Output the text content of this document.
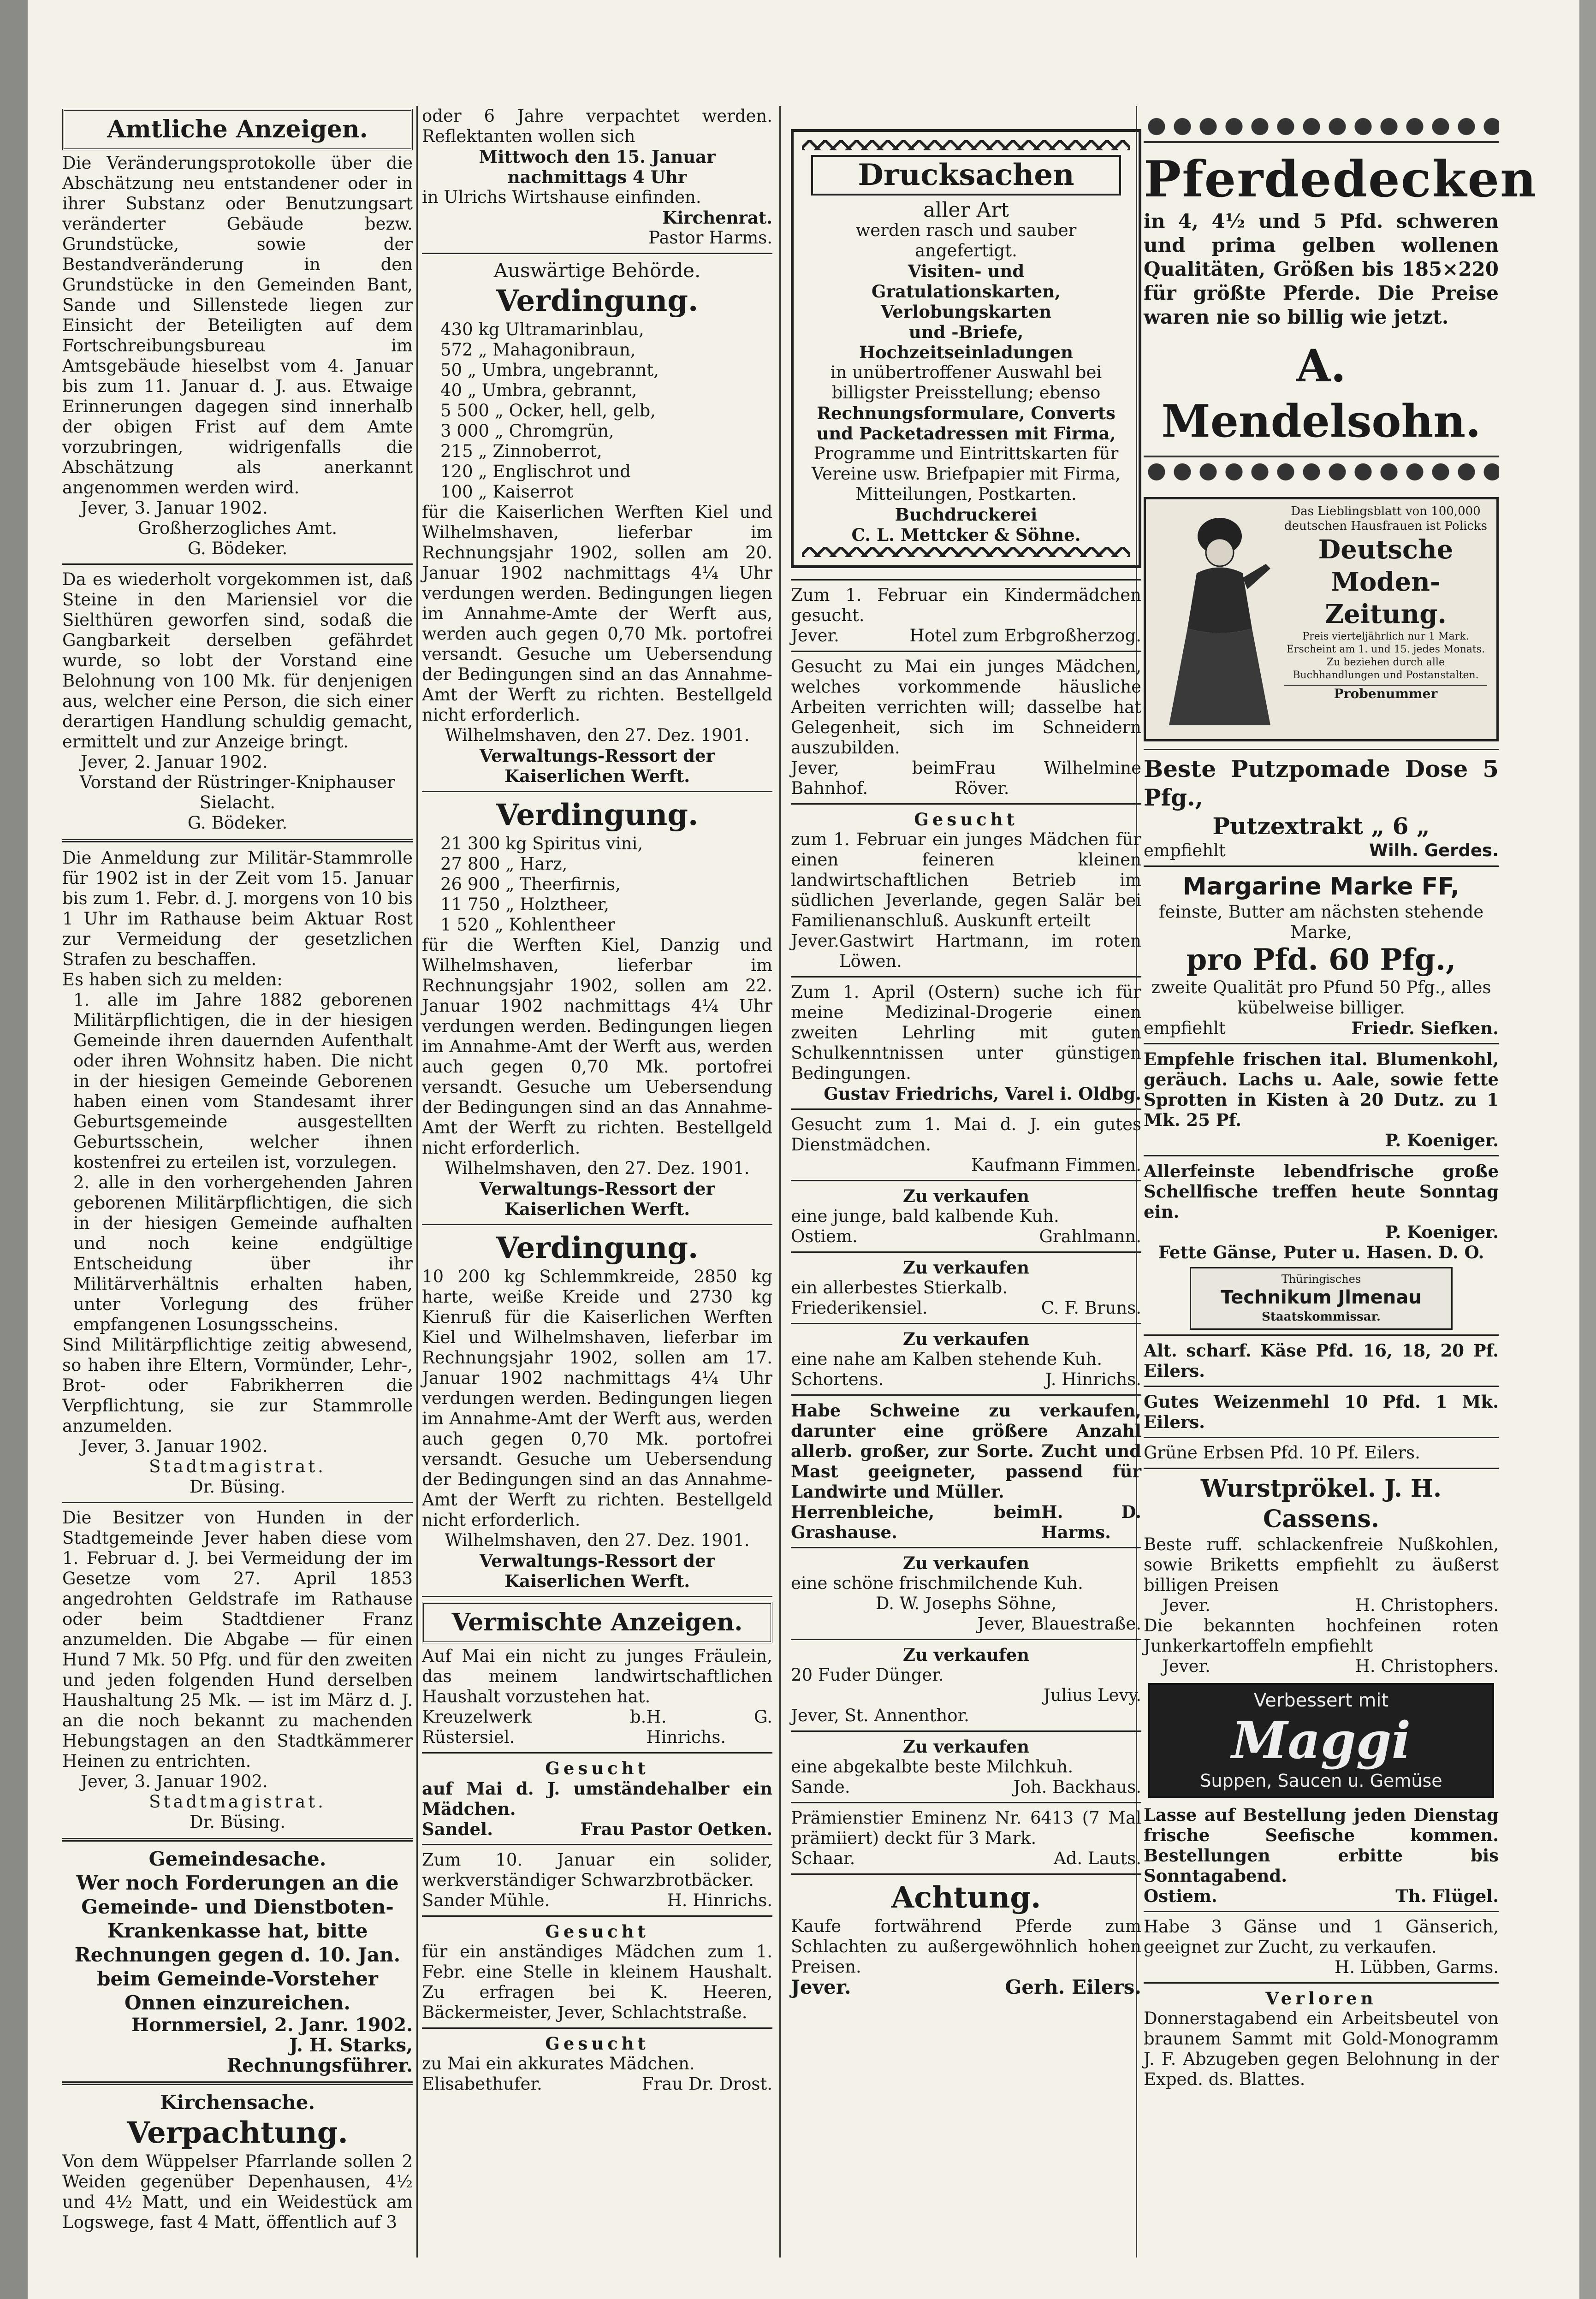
Amtliche Anzeigen.

Die Veränderungsprotokolle über die Abschätzung neu entstandener oder in ihrer Substanz oder Benutzungsart veränderter Gebäude bezw. Grundstücke, sowie der Bestandveränderung in den Grundstücke in den Gemeinden Bant, Sande und Sillenstede liegen zur Einsicht der Beteiligten auf dem Fortschreibungsbureau im Amtsgebäude hieselbst vom 4. Januar bis zum 11. Januar d. J. aus. Etwaige Erinnerungen dagegen sind innerhalb der obigen Frist auf dem Amte vorzubringen, widrigenfalls die Abschätzung als anerkannt angenommen werden wird.

Jever, 3. Januar 1902.

Großherzogliches Amt.

G. Bödeker.

Da es wiederholt vorgekommen ist, daß Steine in den Mariensiel vor die Sielthüren geworfen sind, sodaß die Gangbarkeit derselben gefährdet wurde, so lobt der Vorstand eine Belohnung von 100 Mk. für denjenigen aus, welcher eine Person, die sich einer derartigen Handlung schuldig gemacht, ermittelt und zur Anzeige bringt.

Jever, 2. Januar 1902.

Vorstand der Rüstringer-Kniphauser Sielacht.

G. Bödeker.

Die Anmeldung zur Militär-Stammrolle für 1902 ist in der Zeit vom 15. Januar bis zum 1. Febr. d. J. morgens von 10 bis 1 Uhr im Rathause beim Aktuar Rost zur Vermeidung der gesetzlichen Strafen zu beschaffen.

Es haben sich zu melden:

1. alle im Jahre 1882 geborenen Militärpflichtigen, die in der hiesigen Gemeinde ihren dauernden Aufenthalt oder ihren Wohnsitz haben. Die nicht in der hiesigen Gemeinde Geborenen haben einen vom Standesamt ihrer Geburtsgemeinde ausgestellten Geburtsschein, welcher ihnen kostenfrei zu erteilen ist, vorzulegen.

2. alle in den vorhergehenden Jahren geborenen Militärpflichtigen, die sich in der hiesigen Gemeinde aufhalten und noch keine endgültige Entscheidung über ihr Militärverhältnis erhalten haben, unter Vorlegung des früher empfangenen Losungsscheins.

Sind Militärpflichtige zeitig abwesend, so haben ihre Eltern, Vormünder, Lehr-, Brot- oder Fabrikherren die Verpflichtung, sie zur Stammrolle anzumelden.

Jever, 3. Januar 1902.

Stadtmagistrat.

Dr. Büsing.

Die Besitzer von Hunden in der Stadtgemeinde Jever haben diese vom 1. Februar d. J. bei Vermeidung der im Gesetze vom 27. April 1853 angedrohten Geldstrafe im Rathause oder beim Stadtdiener Franz anzumelden. Die Abgabe — für einen Hund 7 Mk. 50 Pfg. und für den zweiten und jeden folgenden Hund derselben Haushaltung 25 Mk. — ist im März d. J. an die noch bekannt zu machenden Hebungstagen an den Stadtkämmerer Heinen zu entrichten.

Jever, 3. Januar 1902.

Stadtmagistrat.

Dr. Büsing.

Gemeindesache.

Wer noch Forderungen an die Gemeinde- und Dienstboten-Krankenkasse hat, bitte Rechnungen gegen d. 10. Jan. beim Gemeinde-Vorsteher Onnen einzureichen.

Hornmersiel, 2. Janr. 1902.

J. H. Starks,

Rechnungsführer.

Kirchensache.
Verpachtung.

Von dem Wüppelser Pfarrlande sollen 2 Weiden gegenüber Depenhausen, 4½ und 4½ Matt, und ein Weidestück am Logswege, fast 4 Matt, öffentlich auf 3

oder 6 Jahre verpachtet werden. Reflektanten wollen sich

Mittwoch den 15. Januar nachmittags 4 Uhr

in Ulrichs Wirtshause einfinden.

Kirchenrat.

Pastor Harms.

Auswärtige Behörde.
Verdingung.

430 kg Ultramarinblau,

572 „ Mahagonibraun,

50 „ Umbra, ungebrannt,

40 „ Umbra, gebrannt,

5 500 „ Ocker, hell, gelb,

3 000 „ Chromgrün,

215 „ Zinnoberrot,

120 „ Englischrot und

100 „ Kaiserrot

für die Kaiserlichen Werften Kiel und Wilhelmshaven, lieferbar im Rechnungsjahr 1902, sollen am 20. Januar 1902 nachmittags 4¼ Uhr verdungen werden. Bedingungen liegen im Annahme-Amte der Werft aus, werden auch gegen 0,70 Mk. portofrei versandt. Gesuche um Uebersendung der Bedingungen sind an das Annahme-Amt der Werft zu richten. Bestellgeld nicht erforderlich.

Wilhelmshaven, den 27. Dez. 1901.

Verwaltungs-Ressort der Kaiserlichen Werft.

Verdingung.

21 300 kg Spiritus vini,

27 800 „ Harz,

26 900 „ Theerfirnis,

11 750 „ Holztheer,

1 520 „ Kohlentheer

für die Werften Kiel, Danzig und Wilhelmshaven, lieferbar im Rechnungsjahr 1902, sollen am 22. Januar 1902 nachmittags 4¼ Uhr verdungen werden. Bedingungen liegen im Annahme-Amt der Werft aus, werden auch gegen 0,70 Mk. portofrei versandt. Gesuche um Uebersendung der Bedingungen sind an das Annahme-Amt der Werft zu richten. Bestellgeld nicht erforderlich.

Wilhelmshaven, den 27. Dez. 1901.

Verwaltungs-Ressort der Kaiserlichen Werft.

Verdingung.

10 200 kg Schlemmkreide, 2850 kg harte, weiße Kreide und 2730 kg Kienruß für die Kaiserlichen Werften Kiel und Wilhelmshaven, lieferbar im Rechnungsjahr 1902, sollen am 17. Januar 1902 nachmittags 4¼ Uhr verdungen werden. Bedingungen liegen im Annahme-Amt der Werft aus, werden auch gegen 0,70 Mk. portofrei versandt. Gesuche um Uebersendung der Bedingungen sind an das Annahme-Amt der Werft zu richten. Bestellgeld nicht erforderlich.

Wilhelmshaven, den 27. Dez. 1901.

Verwaltungs-Ressort der Kaiserlichen Werft.

Vermischte Anzeigen.

Auf Mai ein nicht zu junges Fräulein, das meinem landwirtschaftlichen Haushalt vorzustehen hat.

Kreuzelwerk b. Rüstersiel.

H. G. Hinrichs.

Gesucht

auf Mai d. J. umständehalber ein Mädchen.

Sandel.	Frau Pastor Oetken.

Zum 10. Januar ein solider, werkverständiger Schwarzbrotbäcker.

Sander Mühle.	H. Hinrichs.

Gesucht

für ein anständiges Mädchen zum 1. Febr. eine Stelle in kleinem Haushalt. Zu erfragen bei K. Heeren, Bäckermeister, Jever, Schlachtstraße.

Gesucht

zu Mai ein akkurates Mädchen.

Elisabethufer.	Frau Dr. Drost.

Drucksachen

aller Art

werden rasch und sauber

angefertigt.

Visiten- und

Gratulationskarten,

Verlobungskarten

und -Briefe,

Hochzeitseinladungen

in unübertroffener Auswahl bei billigster Preisstellung; ebenso

Rechnungsformulare, Converts und Packetadressen mit Firma,

Programme und Eintrittskarten für Vereine usw. Briefpapier mit Firma, Mitteilungen, Postkarten.

Buchdruckerei

C. L. Mettcker & Söhne.

Zum 1. Februar ein Kindermädchen gesucht.

Jever.	Hotel zum Erbgroßherzog.

Gesucht zu Mai ein junges Mädchen, welches vorkommende häusliche Arbeiten verrichten will; dasselbe hat Gelegenheit, sich im Schneidern auszubilden.

Jever, beim Bahnhof.

Frau Wilhelmine Röver.

Gesucht

zum 1. Februar ein junges Mädchen für einen feineren kleinen landwirtschaftlichen Betrieb im südlichen Jeverlande, gegen Salär bei Familienanschluß. Auskunft erteilt

Jever. Gastwirt Hartmann, im roten Löwen.

Zum 1. April (Ostern) suche ich für meine Medizinal-Drogerie einen zweiten Lehrling mit guten Schulkenntnissen unter günstigen Bedingungen.

Gustav Friedrichs, Varel i. Oldbg.

Gesucht zum 1. Mai d. J. ein gutes Dienstmädchen.

Kaufmann Fimmen.

Zu verkaufen

eine junge, bald kalbende Kuh.

Ostiem.	Grahlmann.

Zu verkaufen

ein allerbestes Stierkalb.

Friederikensiel.	C. F. Bruns.

Zu verkaufen

eine nahe am Kalben stehende Kuh.

Schortens.	J. Hinrichs.

Habe Schweine zu verkaufen, darunter eine größere Anzahl allerb. großer, zur Sorte. Zucht und Mast geeigneter, passend für Landwirte und Müller.

Herrenbleiche, beim Grashause.

H. D. Harms.

Zu verkaufen

eine schöne frischmilchende Kuh.

D. W. Josephs Söhne,

Jever, Blauestraße.

Zu verkaufen

20 Fuder Dünger.

Julius Levy.

Jever, St. Annenthor.

Zu verkaufen

eine abgekalbte beste Milchkuh.

Sande.	Joh. Backhaus.

Prämienstier Eminenz Nr. 6413 (7 Mal prämiiert) deckt für 3 Mark.

Schaar.	Ad. Lauts.

Achtung.

Kaufe fortwährend Pferde zum Schlachten zu außergewöhnlich hohen Preisen.

Jever.	Gerh. Eilers.

Pferdedecken

in 4, 4½ und 5 Pfd. schweren und prima gelben wollenen Qualitäten, Größen bis 185×220 für größte Pferde. Die Preise waren nie so billig wie jetzt.

A. Mendelsohn.

Das Lieblingsblatt von 100,000 deutschen Hausfrauen ist Policks

Deutsche Moden-Zeitung.

Preis vierteljährlich nur 1 Mark.

Erscheint am 1. und 15. jedes Monats.

Zu beziehen durch alle Buchhandlungen und Postanstalten.

Probenummer

Beste Putzpomade Dose 5 Pfg.,

Putzextrakt „ 6 „

empfiehlt	Wilh. Gerdes.

Margarine Marke FF,

feinste, Butter am nächsten stehende Marke,

pro Pfd. 60 Pfg.,

zweite Qualität pro Pfund 50 Pfg., alles kübelweise billiger.

empfiehlt	Friedr. Siefken.

Empfehle frischen ital. Blumenkohl, geräuch. Lachs u. Aale, sowie fette Sprotten in Kisten à 20 Dutz. zu 1 Mk. 25 Pf.

P. Koeniger.

Allerfeinste lebendfrische große Schellfische treffen heute Sonntag ein.

P. Koeniger.

Fette Gänse, Puter u. Hasen. D. O.

Thüringisches

Technikum Jlmenau

Staatskommissar.

Alt. scharf. Käse Pfd. 16, 18, 20 Pf. Eilers.

Gutes Weizenmehl 10 Pfd. 1 Mk. Eilers.

Grüne Erbsen Pfd. 10 Pf. Eilers.

Wurstprökel. J. H. Cassens.

Beste ruff. schlackenfreie Nußkohlen, sowie Briketts empfiehlt zu äußerst billigen Preisen

Jever.	H. Christophers.

Die bekannten hochfeinen roten Junkerkartoffeln empfiehlt

Jever.	H. Christophers.

Verbessert mit

Maggi

Suppen, Saucen u. Gemüse

Lasse auf Bestellung jeden Dienstag frische Seefische kommen. Bestellungen erbitte bis Sonntagabend.

Ostiem.	Th. Flügel.

Habe 3 Gänse und 1 Gänserich, geeignet zur Zucht, zu verkaufen.

H. Lübben, Garms.

Verloren

Donnerstagabend ein Arbeitsbeutel von braunem Sammt mit Gold-Monogramm J. F. Abzugeben gegen Belohnung in der Exped. ds. Blattes.
